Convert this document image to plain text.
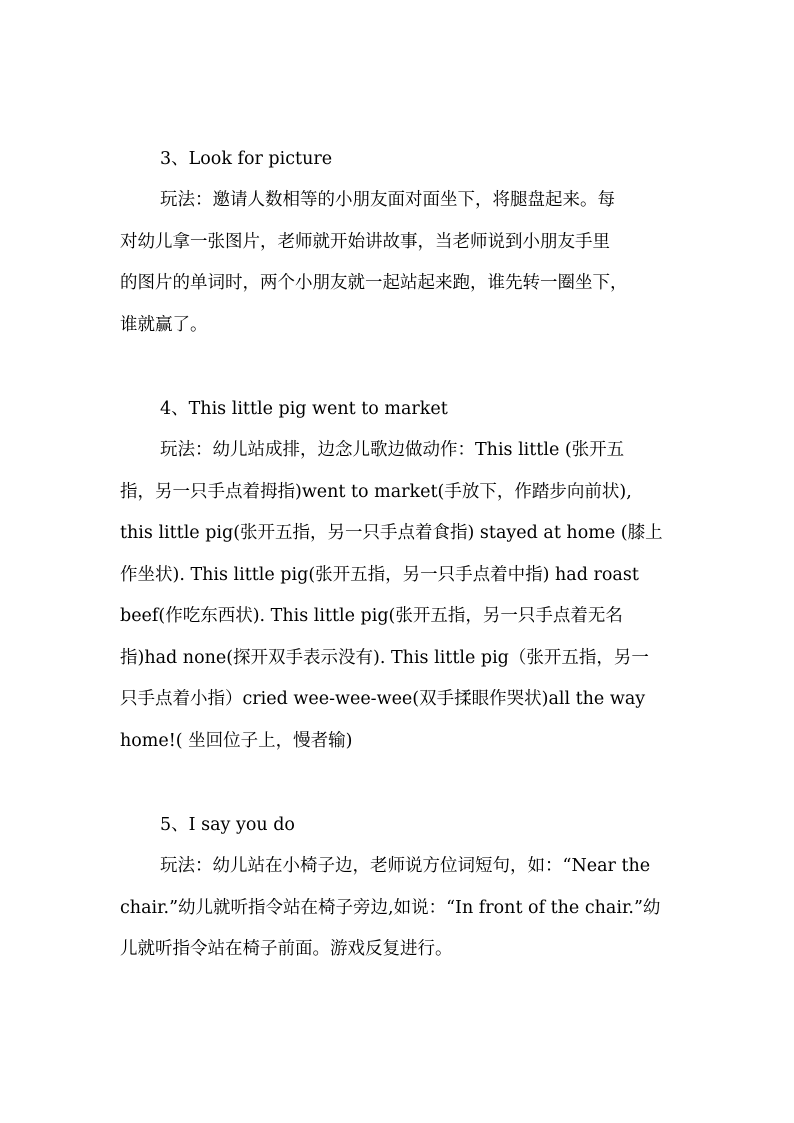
3、Look for picture
玩法：邀请人数相等的小朋友面对面坐下，将腿盘起来。每
对幼儿拿一张图片，老师就开始讲故事，当老师说到小朋友手里
的图片的单词时，两个小朋友就一起站起来跑，谁先转一圈坐下，
谁就赢了。
4、This little pig went to market
玩法：幼儿站成排，边念儿歌边做动作：This little (张开五
指，另一只手点着拇指)went to market(手放下，作踏步向前状),
this little pig(张开五指，另一只手点着食指) stayed at home (膝上
作坐状). This little pig(张开五指，另一只手点着中指) had roast
beef(作吃东西状). This little pig(张开五指，另一只手点着无名
指)had none(探开双手表示没有). This little pig（张开五指，另一
只手点着小指）cried wee-wee-wee(双手揉眼作哭状)all the way
home!( 坐回位子上，慢者输)
5、I say you do
玩法：幼儿站在小椅子边，老师说方位词短句，如：“Near the
chair.”幼儿就听指令站在椅子旁边,如说：“In front of the chair.”幼
儿就听指令站在椅子前面。游戏反复进行。
